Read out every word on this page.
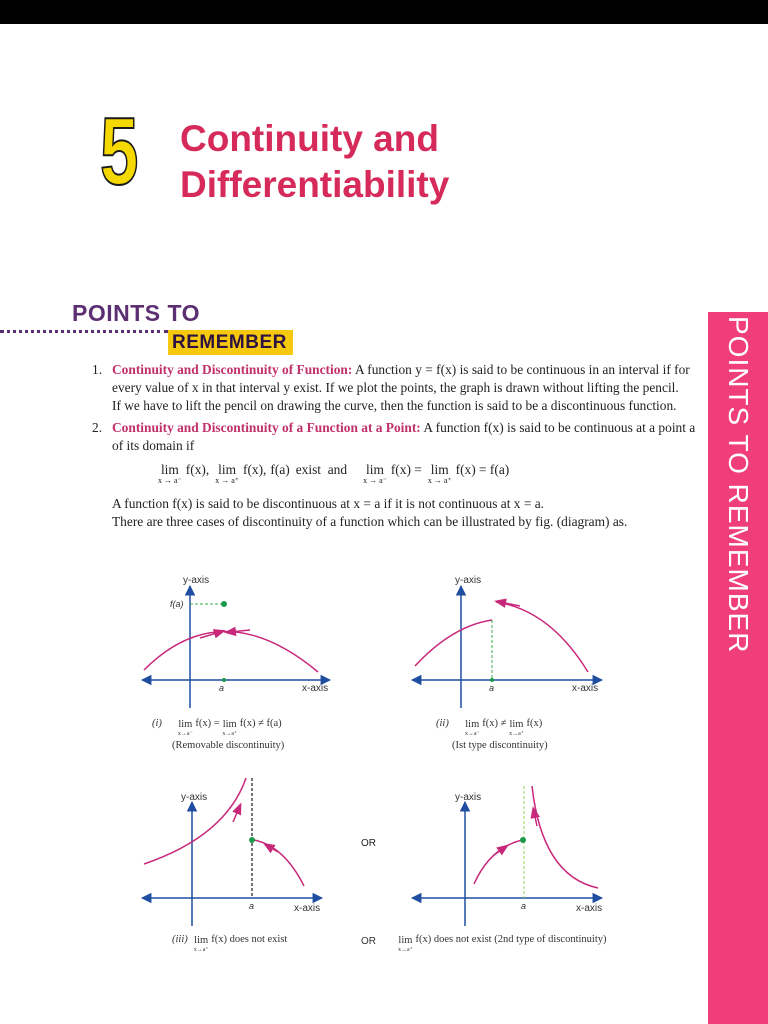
5 Continuity and
Differentiability
POINTS TO
REMEMBER	POINTS TO REMEMBER
1. Continuity and Discontinuity of Function: A function y = f(x) is said to be continuous in an interval if for every value of x in that interval y exist. If we plot the points, the graph is drawn without lifting the pencil.
If we have to lift the pencil on drawing the curve, then the function is said to be a discontinuous function.
2. Continuity and Discontinuity of a Function at a Point: A function f(x) is said to be continuous at a point a of its domain if
lim
x → a⁻
f(x), lim
x → a⁺
f(x), f(a) exist  and lim
x → a⁻
f(x) = lim
x → a⁺
f(x) = f(a)
A function f(x) is said to be discontinuous at x = a if it is not continuous at x = a.
There are three cases of discontinuity of a function which can be illustrated by fig. (diagram) as.
y-axis
x-axis
f(a)
a
y-axis
x-axis
a
y-axis
x-axis
a
OR
y-axis
x-axis
a
(i) lim
x→a⁻
f(x) = lim
x→a⁺
f(x) ≠ f(a)
(Removable discontinuity)
(ii) lim
x→a⁻
f(x) ≠ lim
x→a⁺
f(x)
(Ist type discontinuity)
(iii) lim
x→a⁺
f(x) does not exist	OR lim
x→a⁺
f(x) does not exist (2nd type of discontinuity)
